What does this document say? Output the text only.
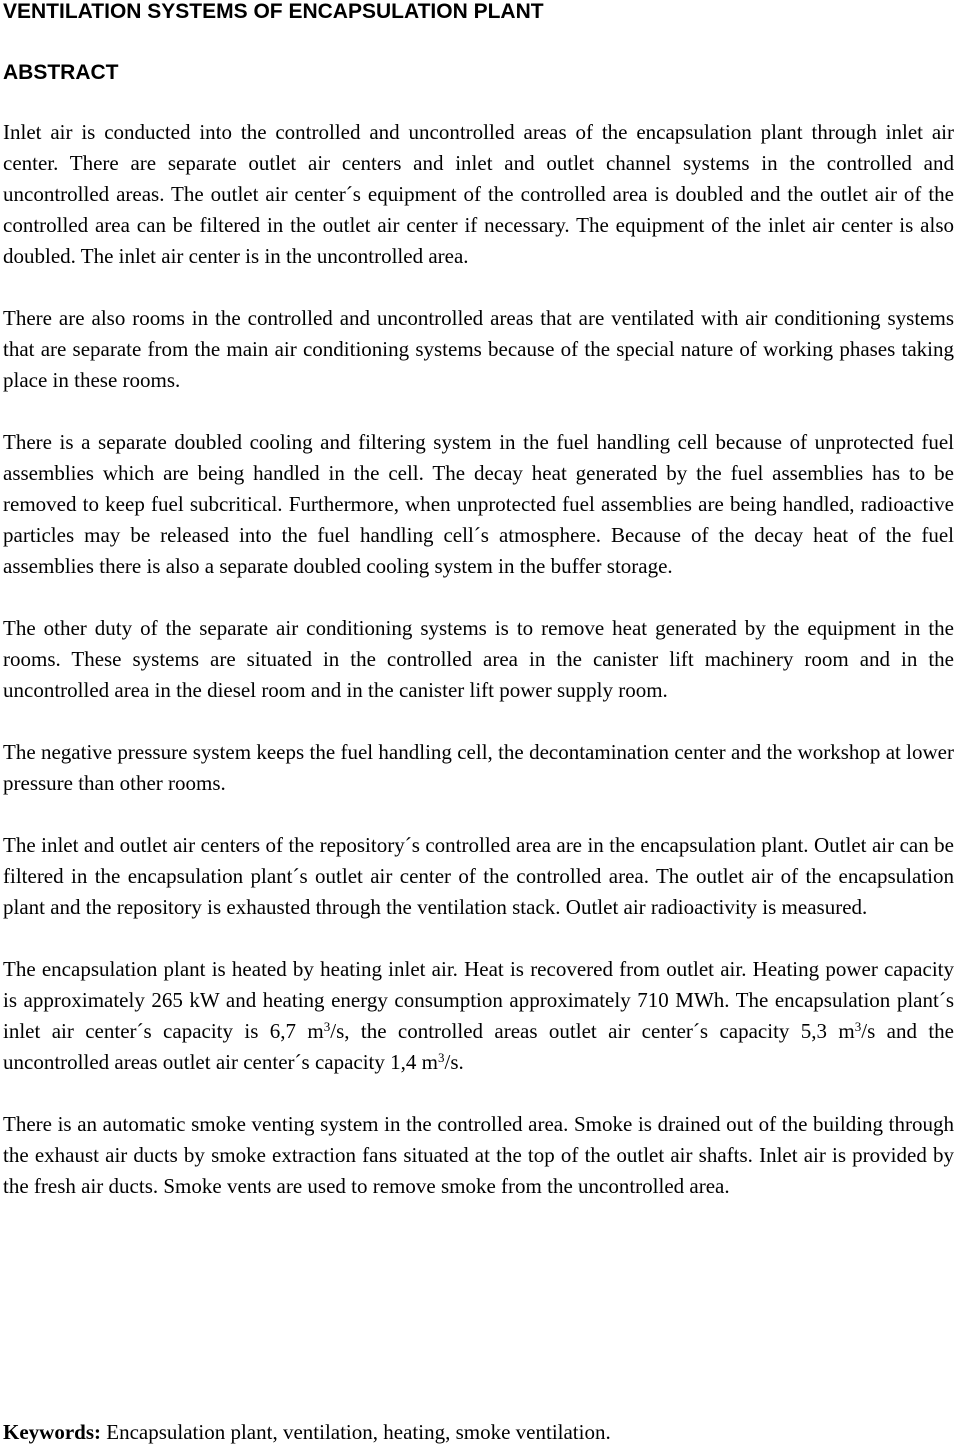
VENTILATION SYSTEMS OF ENCAPSULATION PLANT
ABSTRACT

Inlet air is conducted into the controlled and uncontrolled areas of the encapsulation plant through inlet air center. There are separate outlet air centers and inlet and outlet channel systems in the controlled and uncontrolled areas. The outlet air center´s equipment of the controlled area is doubled and the outlet air of the controlled area can be filtered in the outlet air center if necessary. The equipment of the inlet air center is also doubled. The inlet air center is in the uncontrolled area.

There are also rooms in the controlled and uncontrolled areas that are ventilated with air conditioning systems that are separate from the main air conditioning systems because of the special nature of working phases taking place in these rooms.

There is a separate doubled cooling and filtering system in the fuel handling cell because of unprotected fuel assemblies which are being handled in the cell. The decay heat generated by the fuel assemblies has to be removed to keep fuel subcritical. Furthermore, when unprotected fuel assemblies are being handled, radioactive particles may be released into the fuel handling cell´s atmosphere. Because of the decay heat of the fuel assemblies there is also a separate doubled cooling system in the buffer storage.

The other duty of the separate air conditioning systems is to remove heat generated by the equipment in the rooms. These systems are situated in the controlled area in the canister lift machinery room and in the uncontrolled area in the diesel room and in the canister lift power supply room.

The negative pressure system keeps the fuel handling cell, the decontamination center and the workshop at lower pressure than other rooms.

The inlet and outlet air centers of the repository´s controlled area are in the encapsulation plant. Outlet air can be filtered in the encapsulation plant´s outlet air center of the controlled area. The outlet air of the encapsulation plant and the repository is exhausted through the ventilation stack. Outlet air radioactivity is measured.

The encapsulation plant is heated by heating inlet air. Heat is recovered from outlet air. Heating power capacity is approximately 265 kW and heating energy consumption approximately 710 MWh. The encapsulation plant´s inlet air center´s capacity is 6,7 $m^3/s$, the controlled areas outlet air center´s capacity 5,3 $m^3/s$ and the uncontrolled areas outlet air center´s capacity 1,4 $m^3/s$.

There is an automatic smoke venting system in the controlled area. Smoke is drained out of the building through the exhaust air ducts by smoke extraction fans situated at the top of the outlet air shafts. Inlet air is provided by the fresh air ducts. Smoke vents are used to remove smoke from the uncontrolled area.

Keywords: Encapsulation plant, ventilation, heating, smoke ventilation.
